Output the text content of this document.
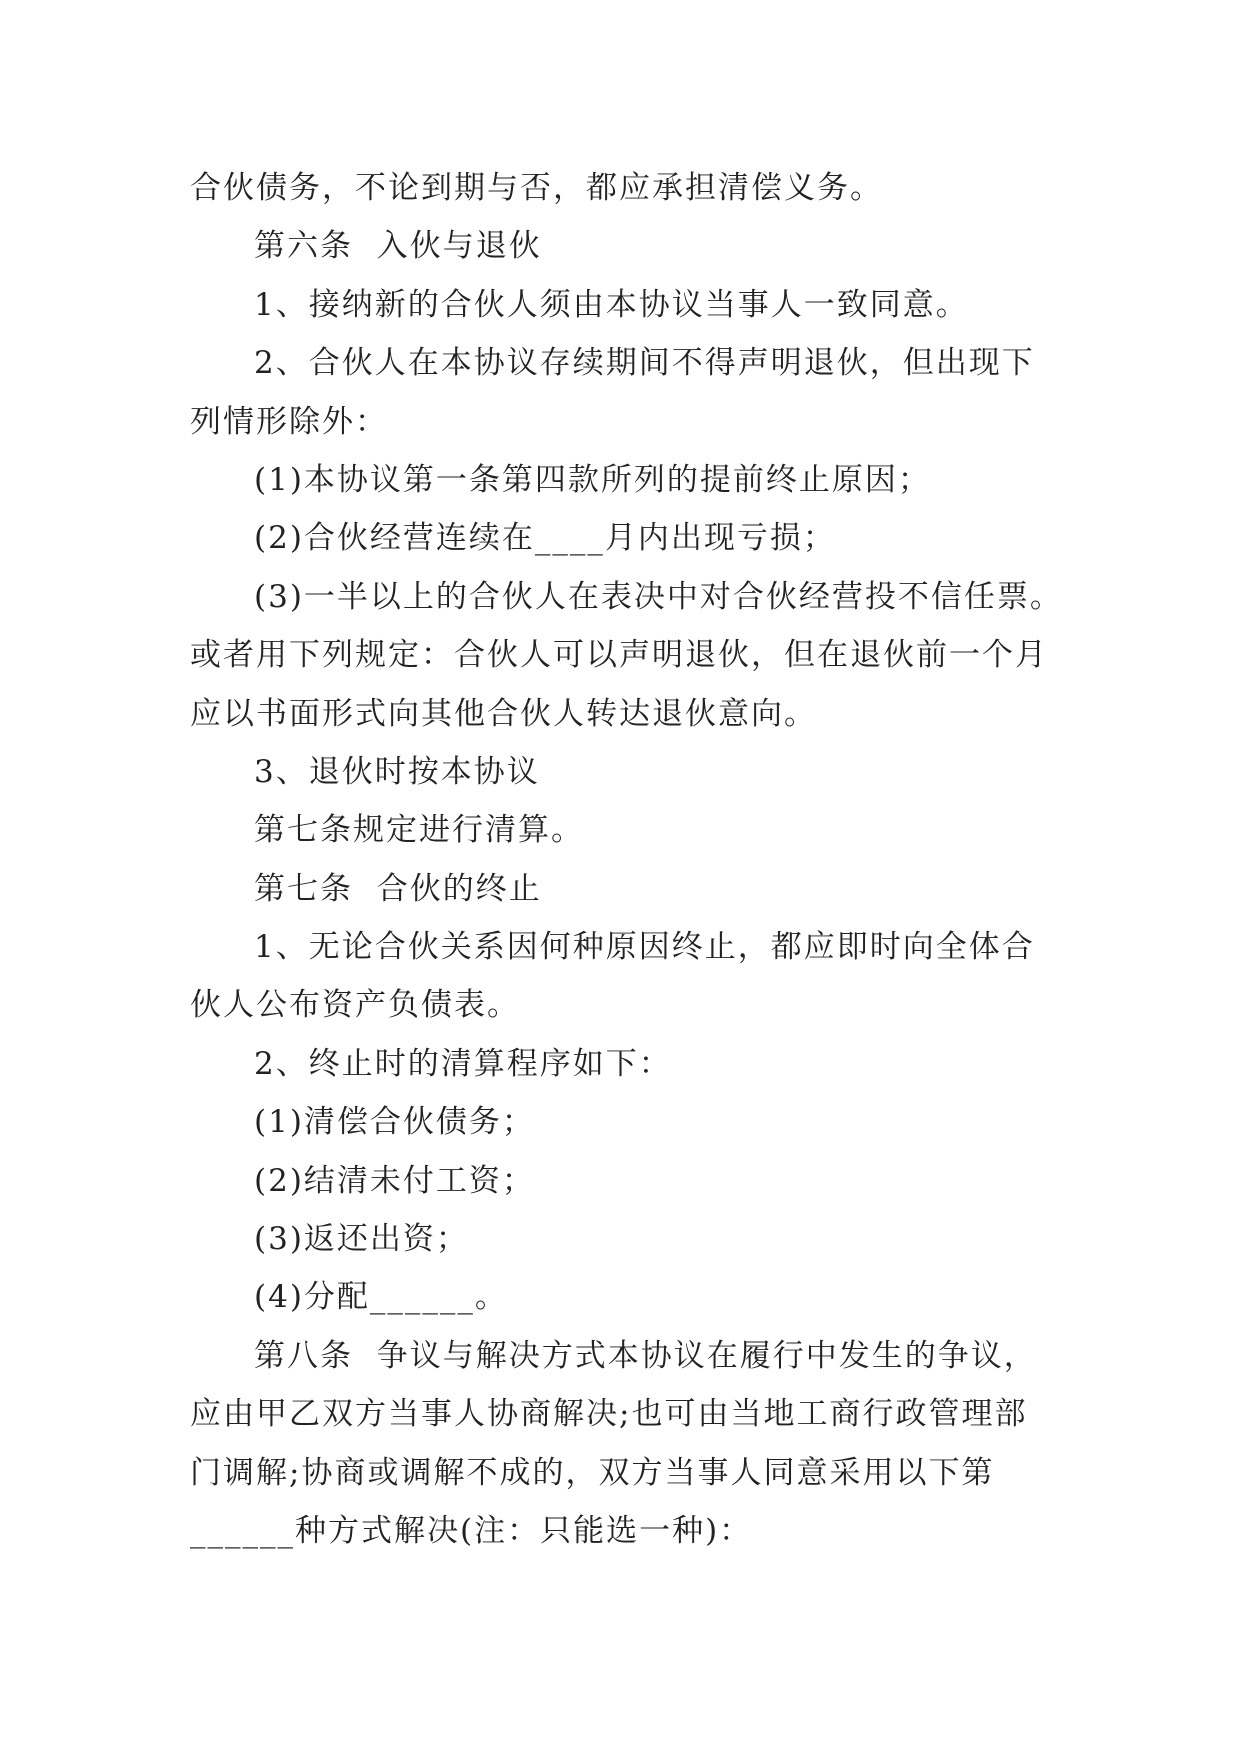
合伙债务，不论到期与否，都应承担清偿义务。
第六条  入伙与退伙
1、接纳新的合伙人须由本协议当事人一致同意。
2、合伙人在本协议存续期间不得声明退伙，但出现下
列情形除外：
(1)本协议第一条第四款所列的提前终止原因；
(2)合伙经营连续在____月内出现亏损；
(3)一半以上的合伙人在表决中对合伙经营投不信任票。
或者用下列规定：合伙人可以声明退伙，但在退伙前一个月
应以书面形式向其他合伙人转达退伙意向。
3、退伙时按本协议
第七条规定进行清算。
第七条  合伙的终止
1、无论合伙关系因何种原因终止，都应即时向全体合
伙人公布资产负债表。
2、终止时的清算程序如下：
(1)清偿合伙债务；
(2)结清未付工资；
(3)返还出资；
(4)分配______。
第八条  争议与解决方式本协议在履行中发生的争议，
应由甲乙双方当事人协商解决;也可由当地工商行政管理部
门调解;协商或调解不成的，双方当事人同意采用以下第
______种方式解决(注：只能选一种)：
